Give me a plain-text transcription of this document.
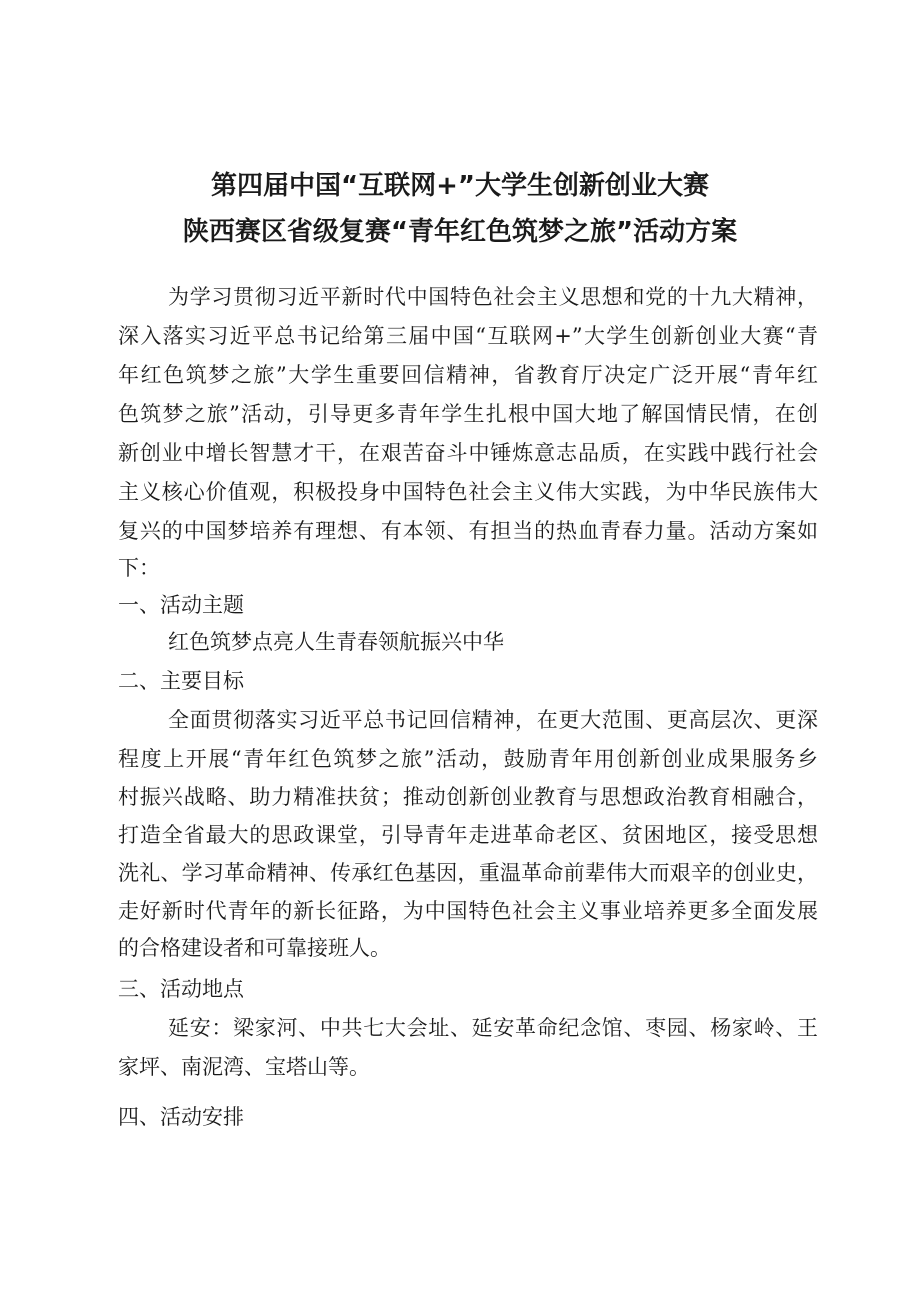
第四届中国“互联网+”大学生创新创业大赛
陕西赛区省级复赛“青年红色筑梦之旅”活动方案
为学习贯彻习近平新时代中国特色社会主义思想和党的十九大精神，
深入落实习近平总书记给第三届中国“互联网+”大学生创新创业大赛“青
年红色筑梦之旅”大学生重要回信精神，省教育厅决定广泛开展“青年红
色筑梦之旅”活动，引导更多青年学生扎根中国大地了解国情民情，在创
新创业中增长智慧才干，在艰苦奋斗中锤炼意志品质，在实践中践行社会
主义核心价值观，积极投身中国特色社会主义伟大实践，为中华民族伟大
复兴的中国梦培养有理想、有本领、有担当的热血青春力量。活动方案如
下：
一、活动主题
红色筑梦点亮人生青春领航振兴中华
二、主要目标
全面贯彻落实习近平总书记回信精神，在更大范围、更高层次、更深
程度上开展“青年红色筑梦之旅”活动，鼓励青年用创新创业成果服务乡
村振兴战略、助力精准扶贫；推动创新创业教育与思想政治教育相融合，
打造全省最大的思政课堂，引导青年走进革命老区、贫困地区，接受思想
洗礼、学习革命精神、传承红色基因，重温革命前辈伟大而艰辛的创业史，
走好新时代青年的新长征路，为中国特色社会主义事业培养更多全面发展
的合格建设者和可靠接班人。
三、活动地点
延安：梁家河、中共七大会址、延安革命纪念馆、枣园、杨家岭、王
家坪、南泥湾、宝塔山等。
四、活动安排
